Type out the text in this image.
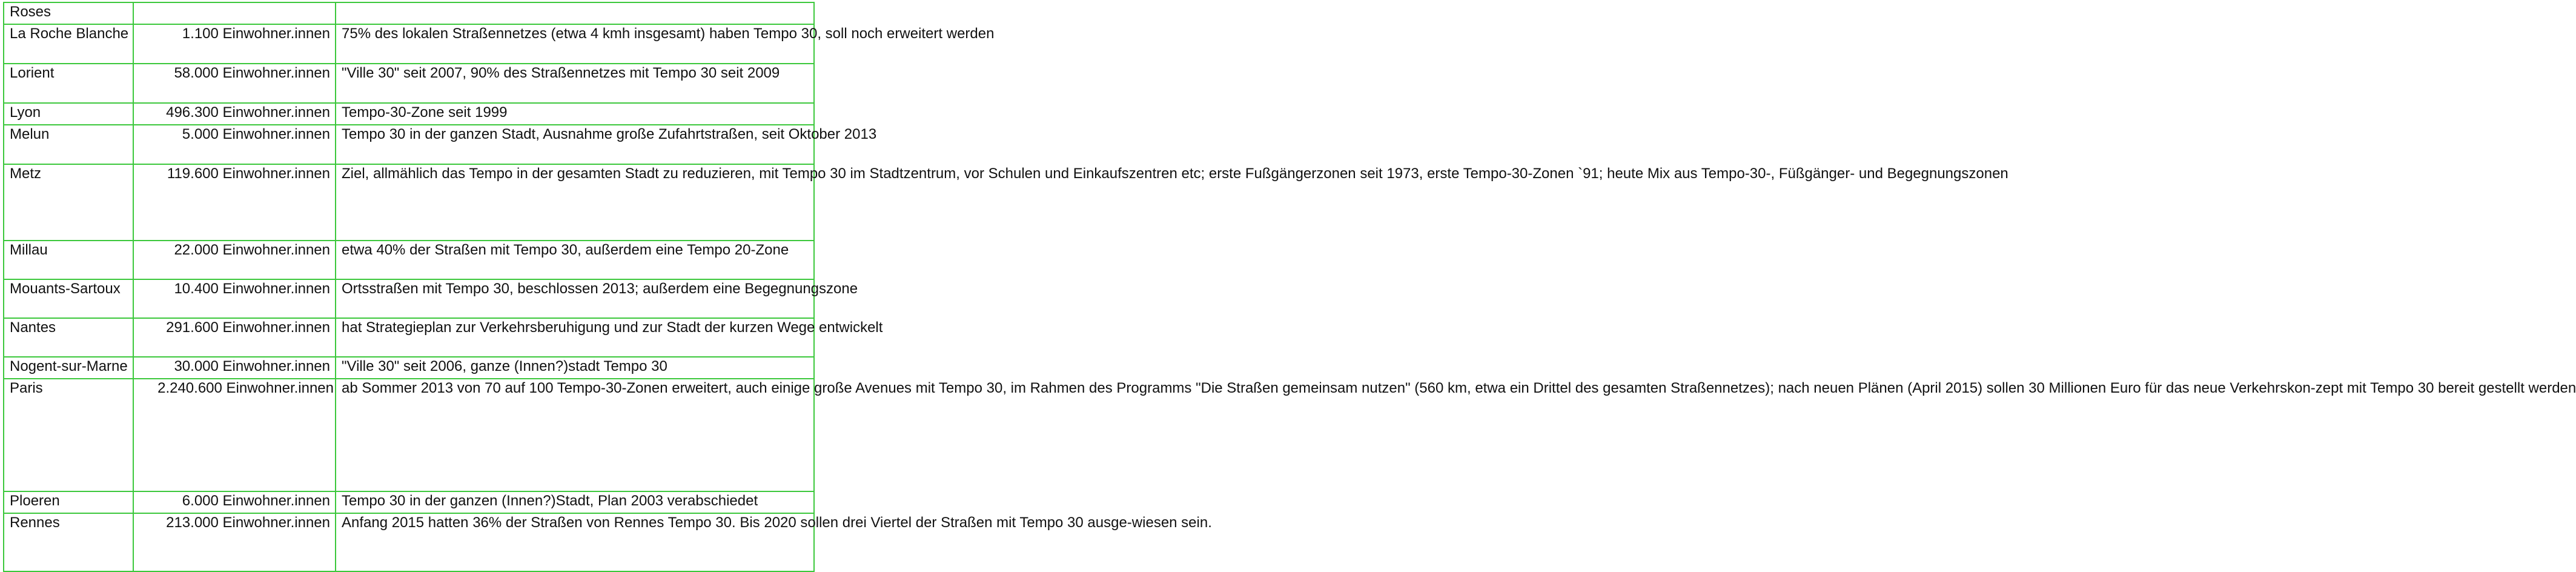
Roses		
La Roche Blanche	1.100 Einwohner.innen	75% des lokalen Straßennetzes (etwa 4 kmh insgesamt) haben Tempo 30, soll noch erweitert werden
Lorient	58.000 Einwohner.innen	"Ville 30" seit 2007, 90% des Straßennetzes mit Tempo 30 seit 2009
Lyon	496.300 Einwohner.innen	Tempo-30-Zone seit 1999
Melun	5.000 Einwohner.innen	Tempo 30 in der ganzen Stadt, Ausnahme große Zufahrtstraßen, seit Oktober 2013
Metz	119.600 Einwohner.innen	Ziel, allmählich das Tempo in der gesamten Stadt zu reduzieren, mit Tempo 30 im Stadtzentrum, vor Schulen und Einkaufszentren etc; erste Fußgängerzonen seit 1973, erste Tempo-30-Zonen `91; heute Mix aus Tempo-30-, Füßgänger- und Begegnungszonen
Millau	22.000 Einwohner.innen	etwa 40% der Straßen mit Tempo 30, außerdem eine Tempo 20-Zone
Mouants-Sartoux	10.400 Einwohner.innen	Ortsstraßen mit Tempo 30, beschlossen 2013; außerdem eine Begegnungszone
Nantes	291.600 Einwohner.innen	hat Strategieplan zur Verkehrsberuhigung und zur Stadt der kurzen Wege entwickelt
Nogent-sur-Marne	30.000 Einwohner.innen	"Ville 30" seit 2006, ganze (Innen?)stadt Tempo 30
Paris	2.240.600 Einwohner.innen	ab Sommer 2013 von 70 auf 100 Tempo-30-Zonen erweitert, auch einige große Avenues mit Tempo 30, im Rahmen des Programms "Die Straßen gemeinsam nutzen" (560 km, etwa ein Drittel des gesamten Straßennetzes); nach neuen Plänen (April 2015) sollen 30 Millionen Euro für das neue Verkehrskon-zept mit Tempo 30 bereit gestellt werden
Ploeren	6.000 Einwohner.innen	Tempo 30 in der ganzen (Innen?)Stadt, Plan 2003 verabschiedet
Rennes	213.000 Einwohner.innen	Anfang 2015 hatten 36% der Straßen von Rennes Tempo 30. Bis 2020 sollen drei Viertel der Straßen mit Tempo 30 ausge-wiesen sein.
